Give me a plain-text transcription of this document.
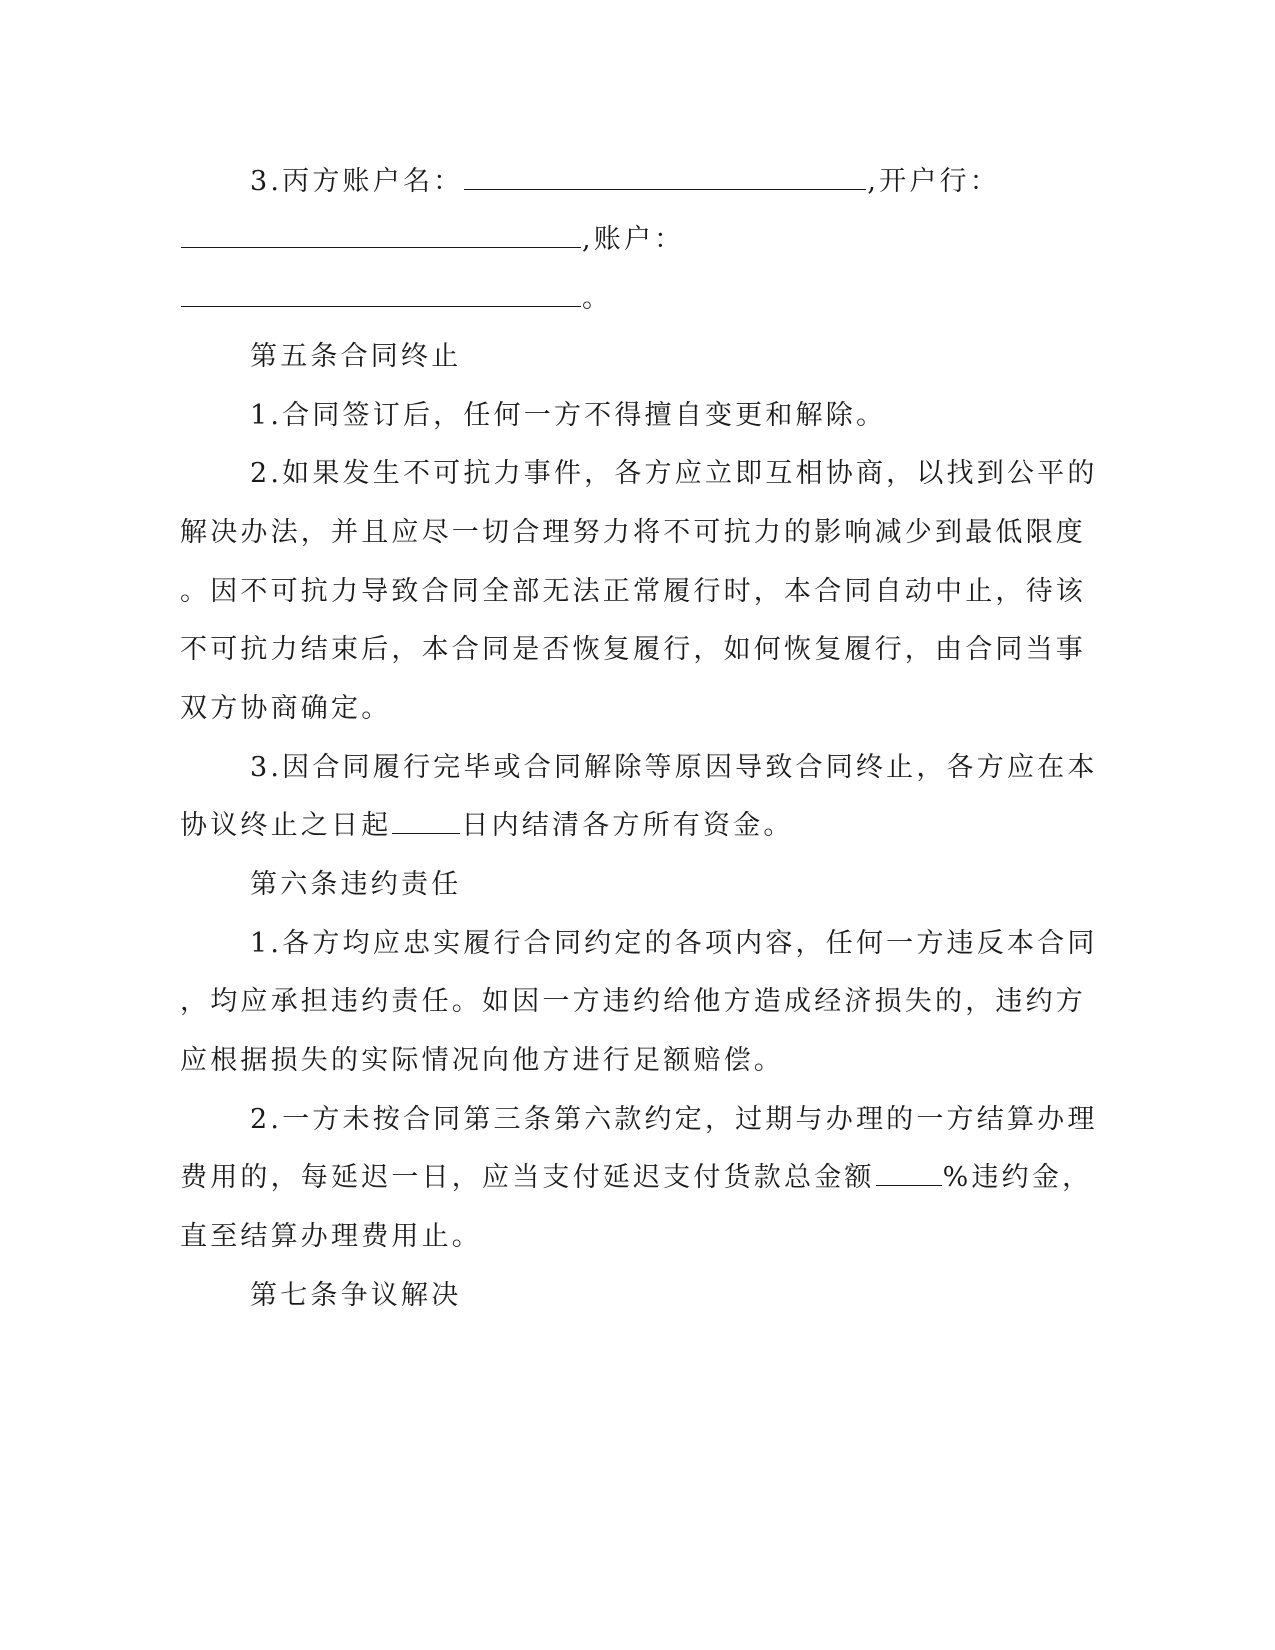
3.丙方账户名：	,开户行：
,账户：
。
第五条合同终止
1.合同签订后，任何一方不得擅自变更和解除。
2.如果发生不可抗力事件，各方应立即互相协商，以找到公平的
解决办法，并且应尽一切合理努力将不可抗力的影响减少到最低限度
。因不可抗力导致合同全部无法正常履行时，本合同自动中止，待该
不可抗力结束后，本合同是否恢复履行，如何恢复履行，由合同当事
双方协商确定。
3.因合同履行完毕或合同解除等原因导致合同终止，各方应在本
协议终止之日起	日内结清各方所有资金。
第六条违约责任
1.各方均应忠实履行合同约定的各项内容，任何一方违反本合同
，均应承担违约责任。如因一方违约给他方造成经济损失的，违约方
应根据损失的实际情况向他方进行足额赔偿。
2.一方未按合同第三条第六款约定，过期与办理的一方结算办理
费用的，每延迟一日，应当支付延迟支付货款总金额	%违约金，
直至结算办理费用止。
第七条争议解决
